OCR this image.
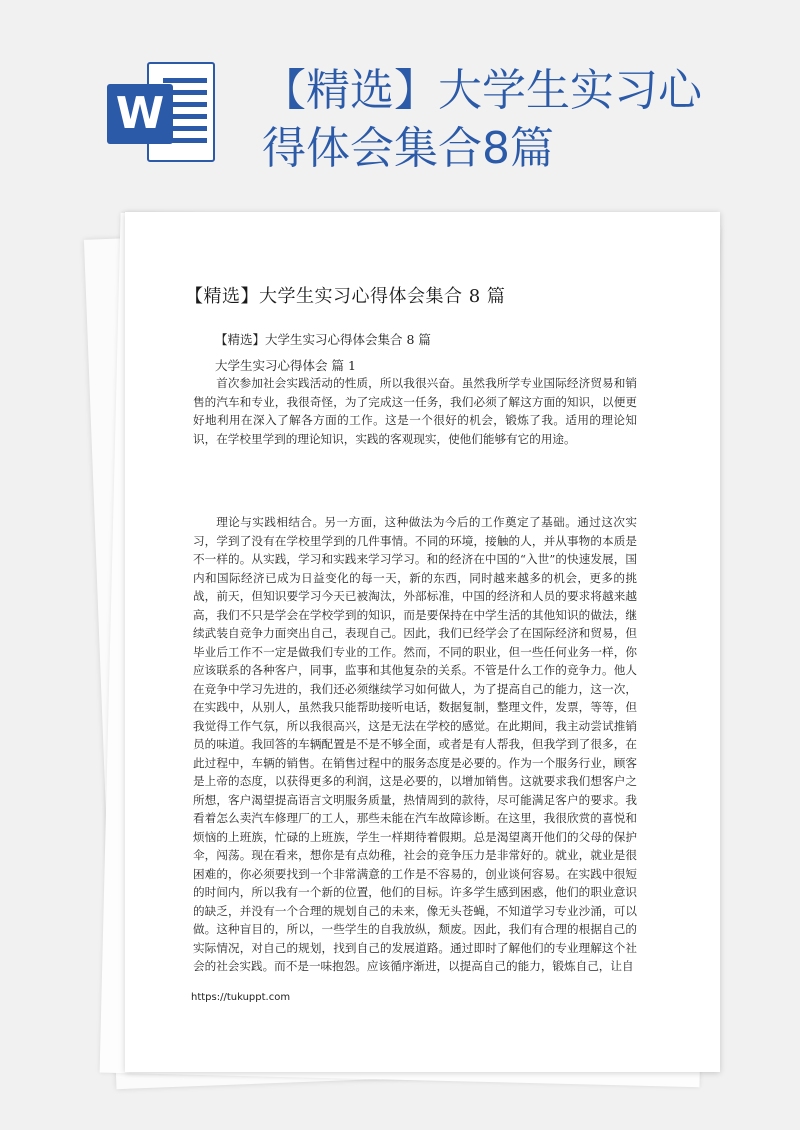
W 【精选】大学生实习心
得体会集合8篇
【精选】大学生实习心得体会集合 8 篇
【精选】大学生实习心得体会集合 8 篇
大学生实习心得体会 篇 1
首次参加社会实践活动的性质，所以我很兴奋。虽然我所学专业国际经济贸易和销售的汽车和专业，我很奇怪，为了完成这一任务，我们必须了解这方面的知识，以便更好地利用在深入了解各方面的工作。这是一个很好的机会，锻炼了我。适用的理论知识，在学校里学到的理论知识，实践的客观现实，使他们能够有它的用途。
理论与实践相结合。另一方面，这种做法为今后的工作奠定了基础。通过这次实习，学到了没有在学校里学到的几件事情。不同的环境，接触的人，并从事物的本质是不一样的。从实践，学习和实践来学习学习。和的经济在中国的“入世”的快速发展，国内和国际经济已成为日益变化的每一天，新的东西，同时越来越多的机会，更多的挑战，前天，但知识要学习今天已被淘汰，外部标准，中国的经济和人员的要求将越来越高，我们不只是学会在学校学到的知识，而是要保持在中学生活的其他知识的做法，继续武装自竞争力面突出自己，表现自己。因此，我们已经学会了在国际经济和贸易，但毕业后工作不一定是做我们专业的工作。然而，不同的职业，但一些任何业务一样，你应该联系的各种客户，同事，监事和其他复杂的关系。不管是什么工作的竞争力。他人在竞争中学习先进的，我们还必须继续学习如何做人，为了提高自己的能力，这一次，在实践中，从别人，虽然我只能帮助接听电话，数据复制，整理文件，发票，等等，但我觉得工作气氛，所以我很高兴，这是无法在学校的感觉。在此期间，我主动尝试推销员的味道。我回答的车辆配置是不是不够全面，或者是有人帮我，但我学到了很多，在此过程中，车辆的销售。在销售过程中的服务态度是必要的。作为一个服务行业，顾客是上帝的态度，以获得更多的利润，这是必要的，以增加销售。这就要求我们想客户之所想，客户渴望提高语言文明服务质量，热情周到的款待，尽可能满足客户的要求。我看着怎么卖汽车修理厂的工人，那些未能在汽车故障诊断。在这里，我很欣赏的喜悦和烦恼的上班族，忙碌的上班族，学生一样期待着假期。总是渴望离开他们的父母的保护伞，闯荡。现在看来，想你是有点幼稚，社会的竞争压力是非常好的。就业，就业是很困难的，你必须要找到一个非常满意的工作是不容易的，创业谈何容易。在实践中很短的时间内，所以我有一个新的位置，他们的目标。许多学生感到困惑，他们的职业意识的缺乏，并没有一个合理的规划自己的未来，像无头苍蝇，不知道学习专业沙涌，可以做。这种盲目的，所以，一些学生的自我放纵，颓废。因此，我们有合理的根据自己的实际情况，对自己的规划，找到自己的发展道路。通过即时了解他们的专业理解这个社会的社会实践。而不是一味抱怨。应该循序渐进，以提高自己的能力，锻炼自己，让自
https://tukuppt.com
